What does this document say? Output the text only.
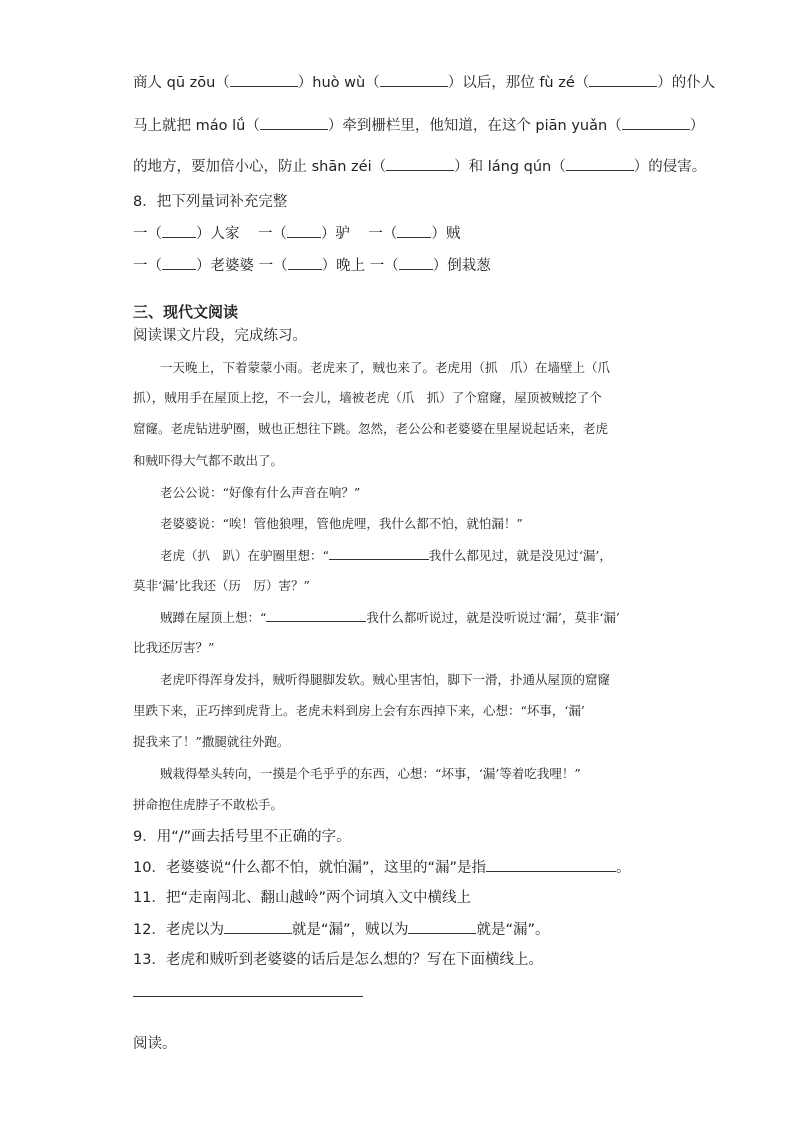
商人 qū zōu（	）huò wù（	）以后，那位 fù zé（	）的仆人
马上就把 máo lǘ（	）牵到栅栏里，他知道，在这个 piān yuǎn（	）
的地方，要加倍小心，防止 shān zéi（	）和 láng qún（	）的侵害。
8．把下列量词补充完整
一（ ）人家 一（ ）驴 一（ ）贼
一（ ）老婆婆 一（ ）晚上 一（ ）倒栽葱
三、现代文阅读
阅读课文片段，完成练习。
一天晚上，下着蒙蒙小雨。老虎来了，贼也来了。老虎用（抓　爪）在墙壁上（爪
抓），贼用手在屋顶上挖，不一会儿，墙被老虎（爪　抓）了个窟窿，屋顶被贼挖了个
窟窿。老虎钻进驴圈，贼也正想往下跳。忽然，老公公和老婆婆在里屋说起话来，老虎
和贼吓得大气都不敢出了。
老公公说：“好像有什么声音在响？”
老婆婆说：“唉！管他狼哩，管他虎哩，我什么都不怕，就怕漏！”
老虎（扒　趴）在驴圈里想：“	我什么都见过，就是没见过‘漏’，
莫非‘漏’比我还（历　厉）害？”
贼蹲在屋顶上想：“	我什么都听说过，就是没听说过‘漏’，莫非‘漏’
比我还厉害？”
老虎吓得浑身发抖，贼听得腿脚发软。贼心里害怕，脚下一滑，扑通从屋顶的窟窿
里跌下来，正巧摔到虎背上。老虎未料到房上会有东西掉下来，心想：“坏事，‘漏’
捉我来了！”撒腿就往外跑。
贼栽得晕头转向，一摸是个毛乎乎的东西，心想：“坏事，‘漏’等着吃我哩！”
拼命抱住虎脖子不敢松手。
9．用“/”画去括号里不正确的字。
10．老婆婆说“什么都不怕，就怕漏”，这里的“漏”是指	。
11．把“走南闯北、翻山越岭”两个词填入文中横线上
12．老虎以为	就是“漏”，贼以为	就是“漏”。
13．老虎和贼听到老婆婆的话后是怎么想的？写在下面横线上。
阅读。
